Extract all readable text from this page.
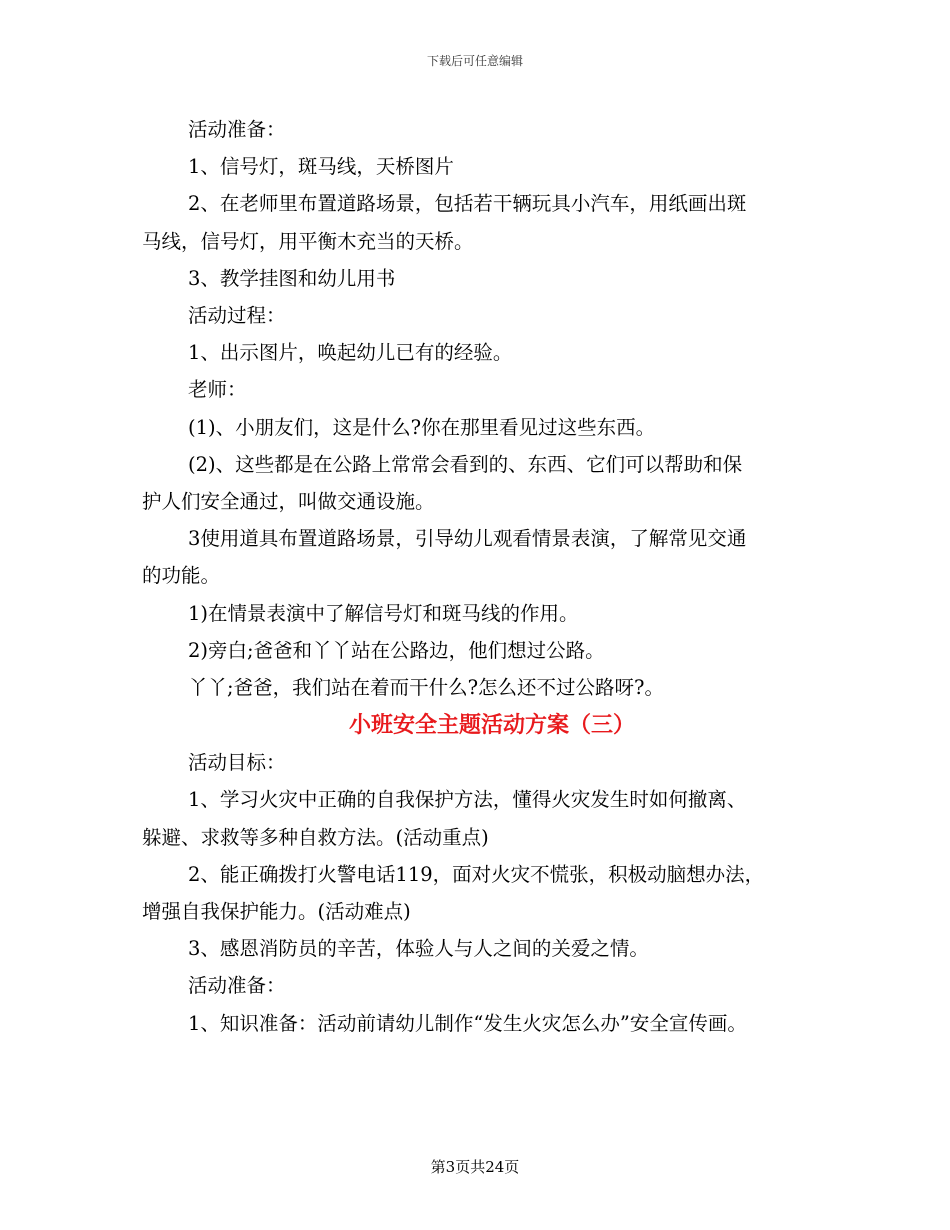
下载后可任意编辑

活动准备：

1、信号灯，斑马线，天桥图片

2、在老师里布置道路场景，包括若干辆玩具小汽车，用纸画出斑

马线，信号灯，用平衡木充当的天桥。

3、教学挂图和幼儿用书

活动过程：

1、出示图片，唤起幼儿已有的经验。

老师：

(1)、小朋友们，这是什么?你在那里看见过这些东西。

(2)、这些都是在公路上常常会看到的、东西、它们可以帮助和保

护人们安全通过，叫做交通设施。

3使用道具布置道路场景，引导幼儿观看情景表演，了解常见交通

的功能。

1)在情景表演中了解信号灯和斑马线的作用。

2)旁白;爸爸和丫丫站在公路边，他们想过公路。

丫丫;爸爸，我们站在着而干什么?怎么还不过公路呀?。

小班安全主题活动方案（三）

活动目标：

1、学习火灾中正确的自我保护方法，懂得火灾发生时如何撤离、

躲避、求救等多种自救方法。(活动重点)

2、能正确拨打火警电话119，面对火灾不慌张，积极动脑想办法，

增强自我保护能力。(活动难点)

3、感恩消防员的辛苦，体验人与人之间的关爱之情。

活动准备：

1、知识准备：活动前请幼儿制作“发生火灾怎么办”安全宣传画。

第3页共24页
